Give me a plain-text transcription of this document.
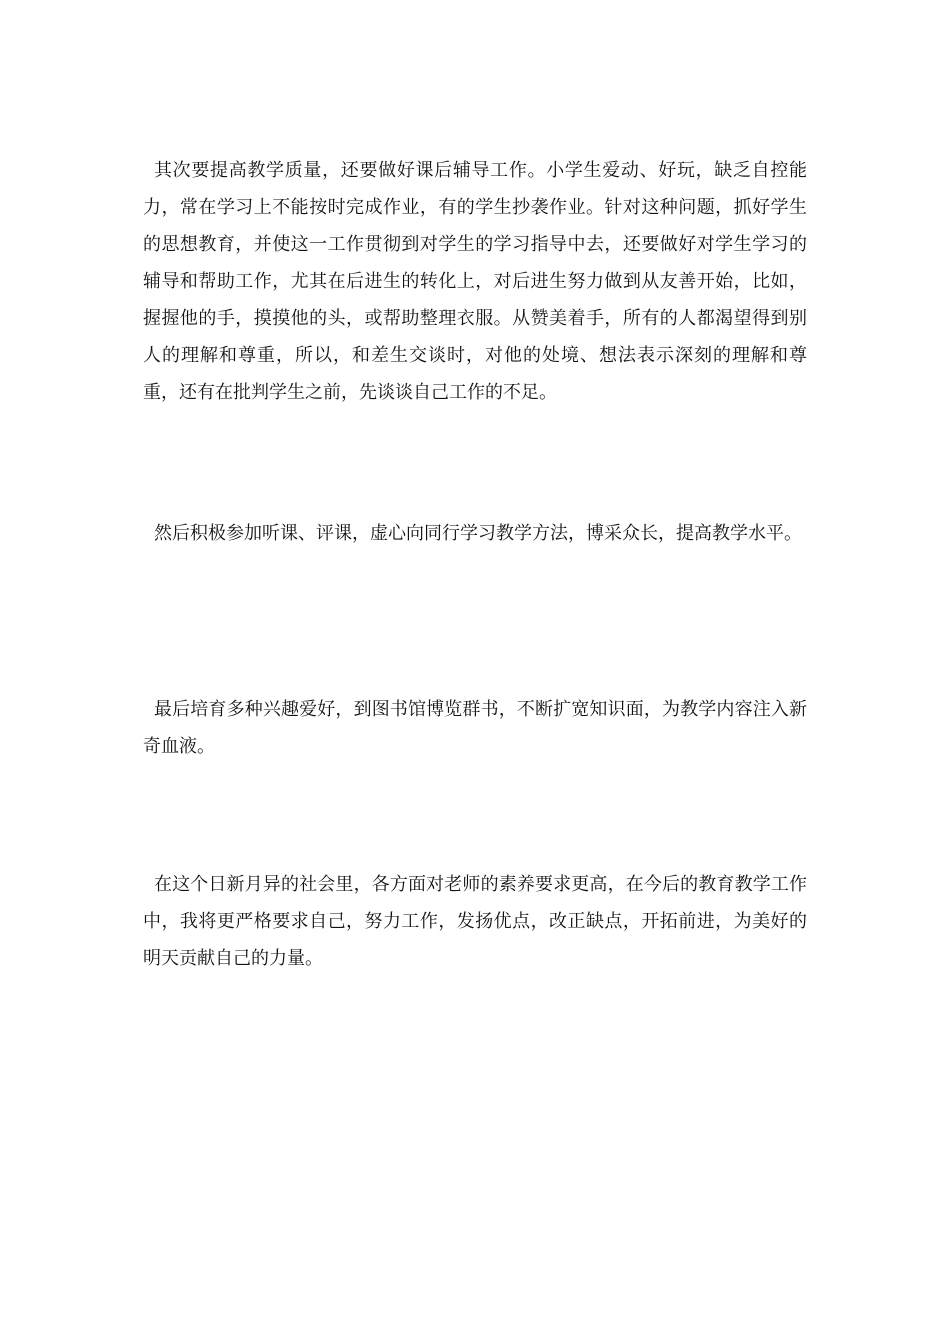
其次要提高教学质量，还要做好课后辅导工作。小学生爱动、好玩，缺乏自控能力，常在学习上不能按时完成作业，有的学生抄袭作业。针对这种问题，抓好学生的思想教育，并使这一工作贯彻到对学生的学习指导中去，还要做好对学生学习的辅导和帮助工作，尤其在后进生的转化上，对后进生努力做到从友善开始，比如，握握他的手，摸摸他的头，或帮助整理衣服。从赞美着手，所有的人都渴望得到别人的理解和尊重，所以，和差生交谈时，对他的处境、想法表示深刻的理解和尊重，还有在批判学生之前，先谈谈自己工作的不足。

然后积极参加听课、评课，虚心向同行学习教学方法，博采众长，提高教学水平。

最后培育多种兴趣爱好，到图书馆博览群书，不断扩宽知识面，为教学内容注入新奇血液。

在这个日新月异的社会里，各方面对老师的素养要求更高，在今后的教育教学工作中，我将更严格要求自己，努力工作，发扬优点，改正缺点，开拓前进，为美好的明天贡献自己的力量。
